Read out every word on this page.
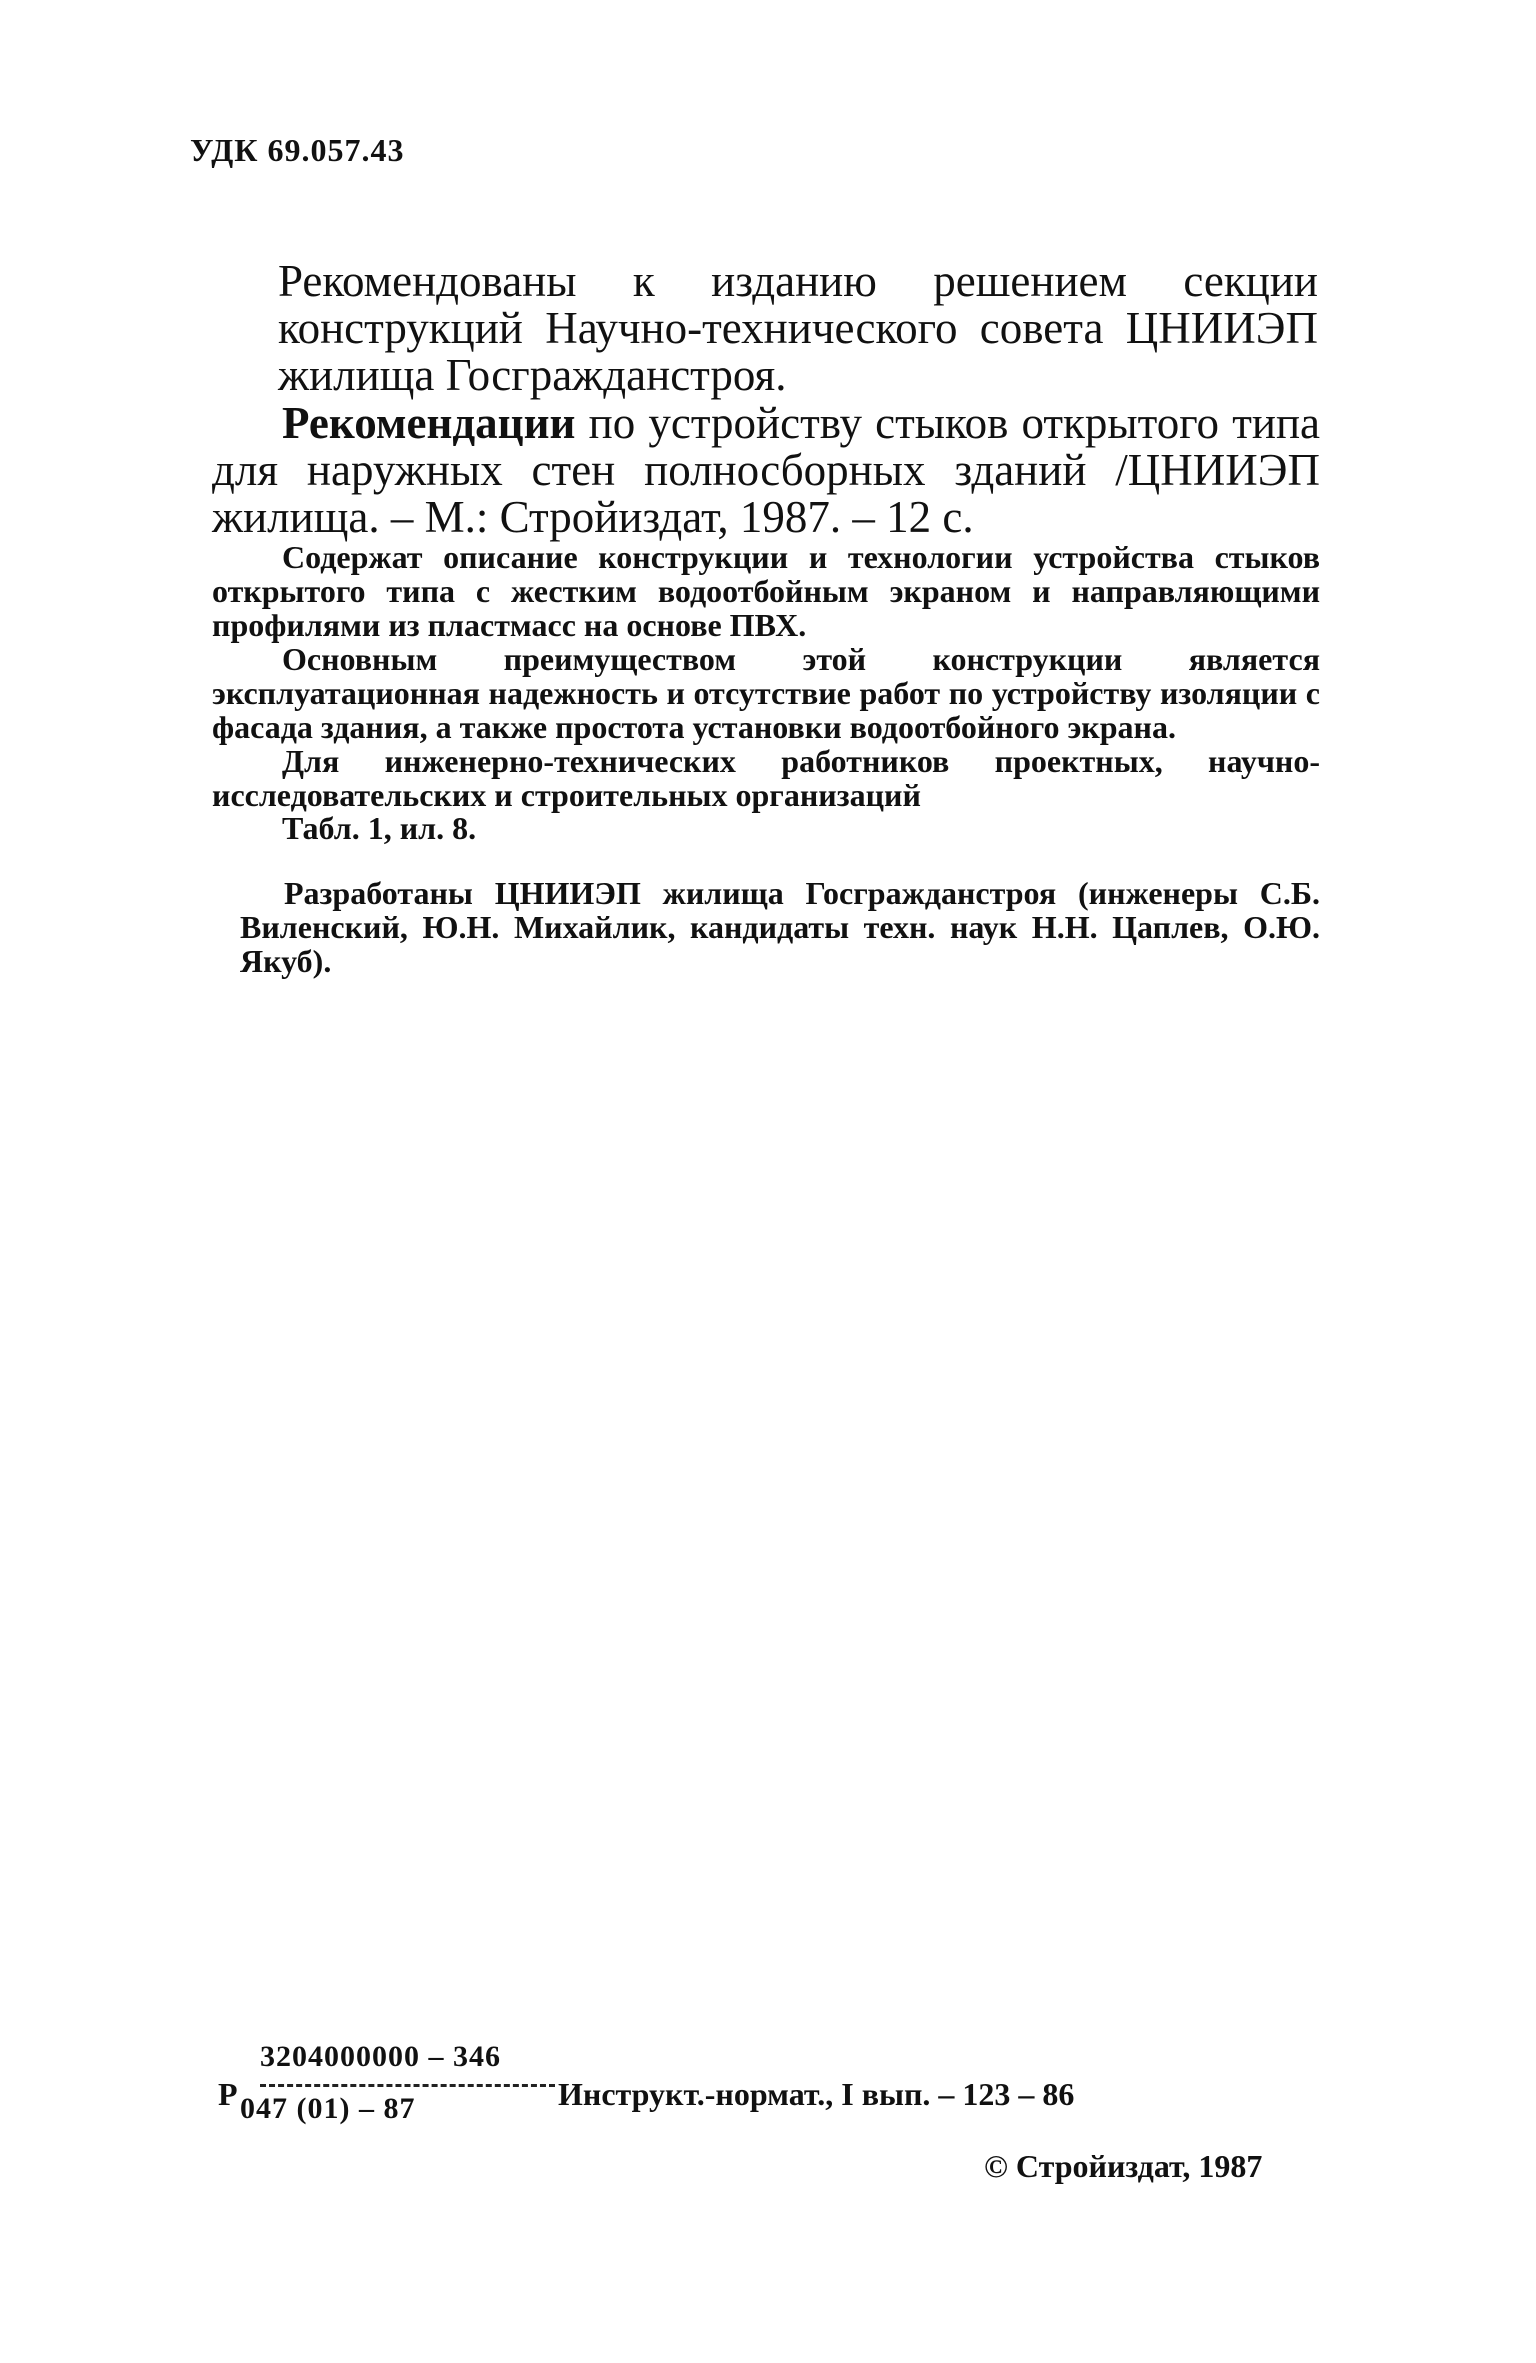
УДК 69.057.43
Рекомендованы к изданию решением секции конструкций Научно-технического совета ЦНИИЭП жилища Госгражданстроя.

Рекомендации по устройству стыков открытого типа для наружных стен полносборных зданий /ЦНИИЭП жилища. – М.: Стройиздат, 1987. – 12 с.

Содержат описание конструкции и технологии устройства стыков открытого типа с жестким водоотбойным экраном и направляющими профилями из пластмасс на основе ПВХ.

Основным преимуществом этой конструкции является эксплуатационная надежность и отсутствие работ по устройству изоляции с фасада здания, а также простота установки водоотбойного экрана.

Для инженерно-технических работников проектных, научно-исследовательских и строительных организаций

Табл. 1, ил. 8.

Разработаны ЦНИИЭП жилища Госгражданстроя (инженеры С.Б. Виленский, Ю.Н. Михайлик, кандидаты техн. наук Н.Н. Цаплев, О.Ю. Якуб).

Р
3204000000 – 346
047 (01) – 87	Инструкт.-нормат., I вып. – 123 – 86
© Стройиздат, 1987
